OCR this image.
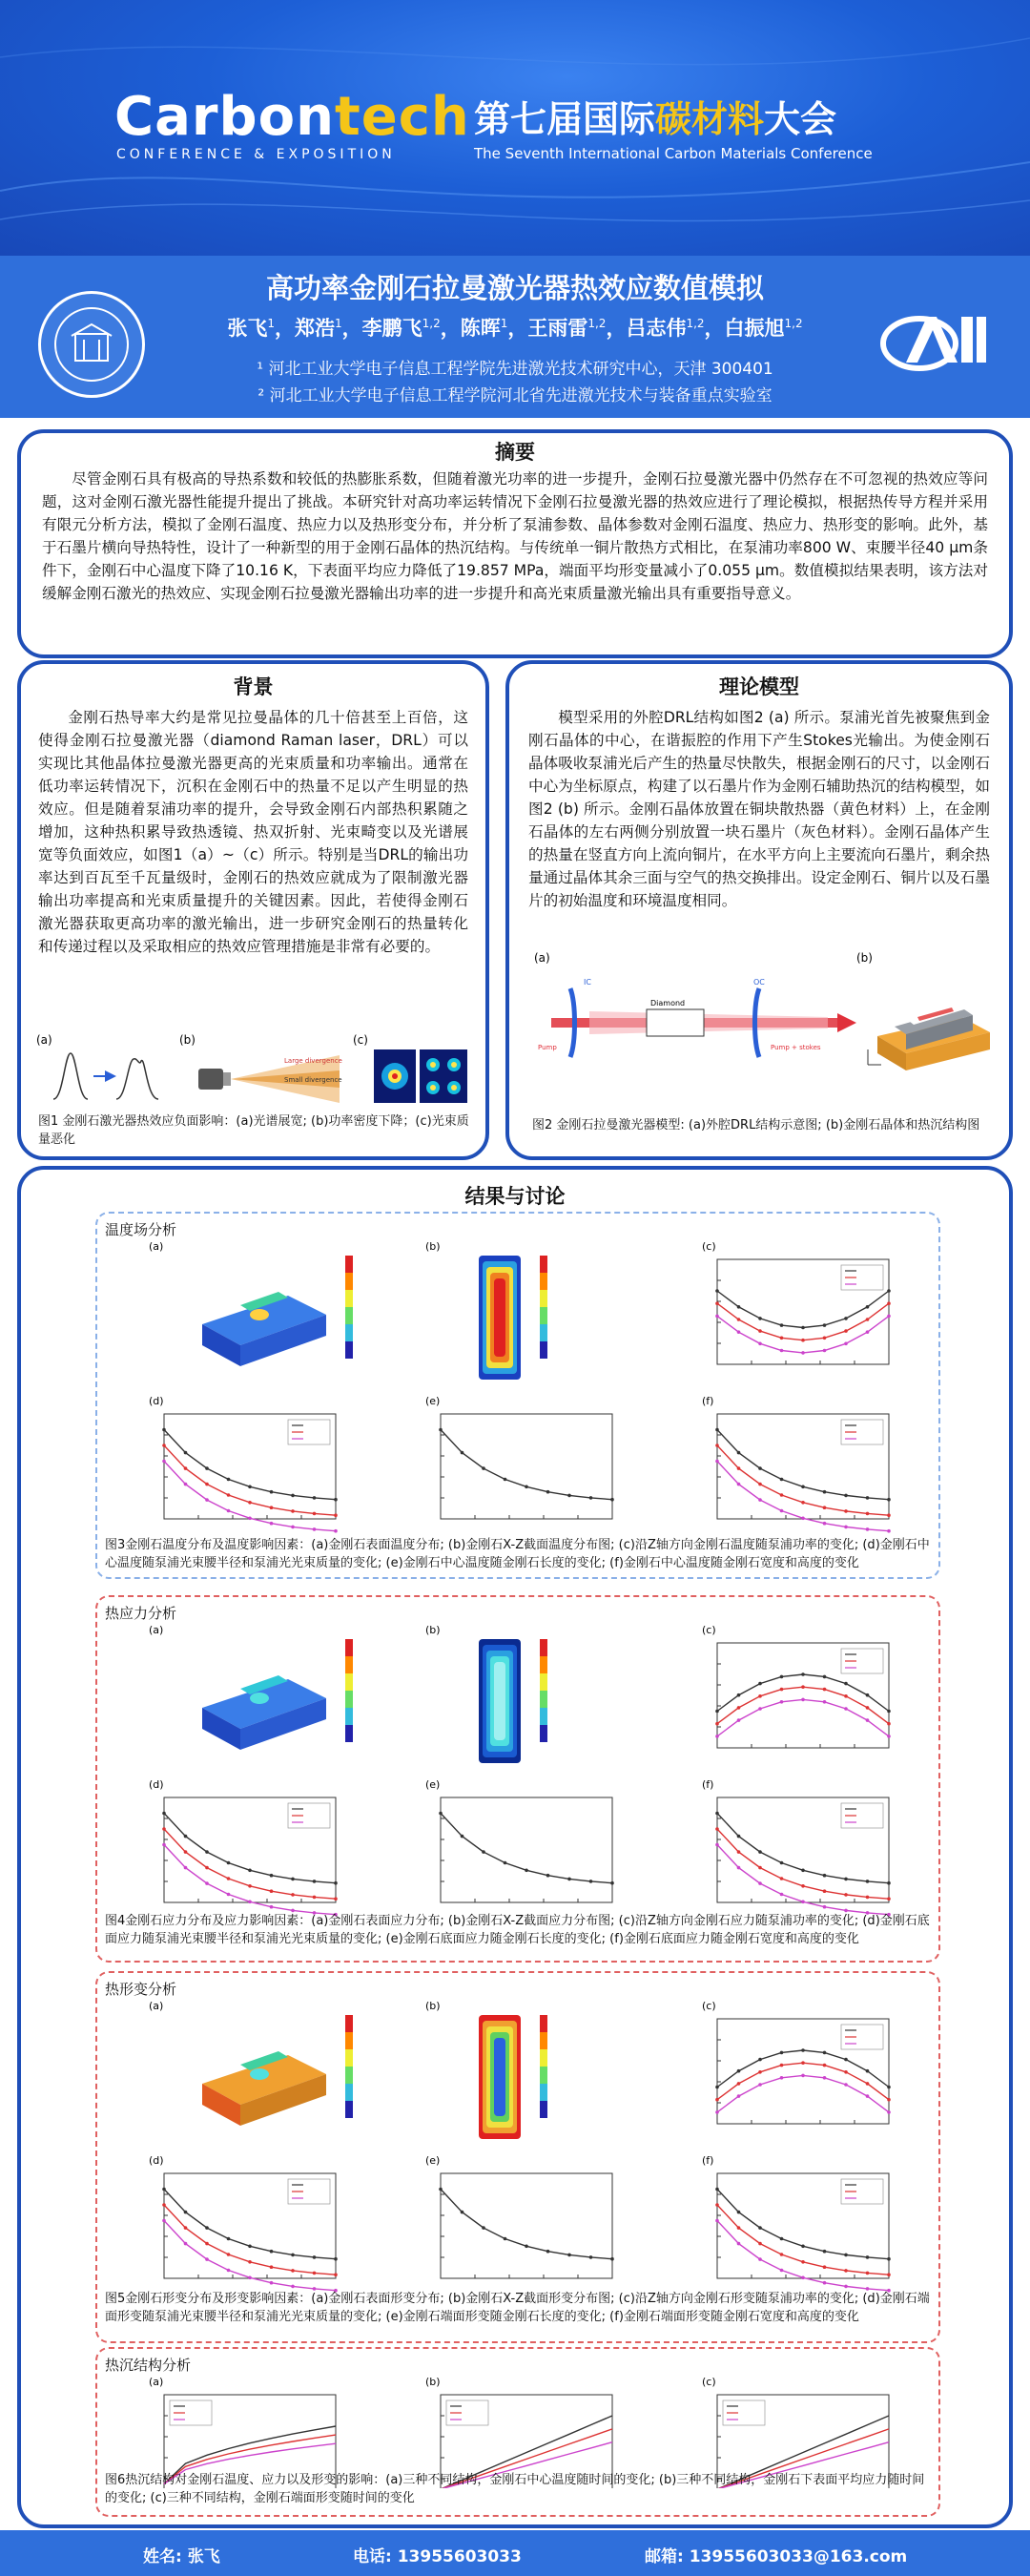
Carbontech
CONFERENCE & EXPOSITION
第七届国际碳材料大会
The Seventh International Carbon Materials Conference
高功率金刚石拉曼激光器热效应数值模拟
张飞$^1$，郑浩$^1$，李鹏飞$^{1,2}$，陈晖$^1$，王雨雷$^{1,2}$，吕志伟$^{1,2}$，白振旭$^{1,2}$
¹ 河北工业大学电子信息工程学院先进激光技术研究中心，天津 300401
² 河北工业大学电子信息工程学院河北省先进激光技术与装备重点实验室
摘要
尽管金刚石具有极高的导热系数和较低的热膨胀系数，但随着激光功率的进一步提升，金刚石拉曼激光器中仍然存在不可忽视的热效应等问题，这对金刚石激光器性能提升提出了挑战。本研究针对高功率运转情况下金刚石拉曼激光器的热效应进行了理论模拟，根据热传导方程并采用有限元分析方法，模拟了金刚石温度、热应力以及热形变分布，并分析了泵浦参数、晶体参数对金刚石温度、热应力、热形变的影响。此外，基于石墨片横向导热特性，设计了一种新型的用于金刚石晶体的热沉结构。与传统单一铜片散热方式相比，在泵浦功率800 W、束腰半径40 μm条件下，金刚石中心温度下降了10.16 K，下表面平均应力降低了19.857 MPa，端面平均形变量减小了0.055 μm。数值模拟结果表明，该方法对缓解金刚石激光的热效应、实现金刚石拉曼激光器输出功率的进一步提升和高光束质量激光输出具有重要指导意义。
背景
金刚石热导率大约是常见拉曼晶体的几十倍甚至上百倍，这使得金刚石拉曼激光器（diamond Raman laser，DRL）可以实现比其他晶体拉曼激光器更高的光束质量和功率输出。通常在低功率运转情况下，沉积在金刚石中的热量不足以产生明显的热效应。但是随着泵浦功率的提升，会导致金刚石内部热积累随之增加，这种热积累导致热透镜、热双折射、光束畸变以及光谱展宽等负面效应，如图1（a）~（c）所示。特别是当DRL的输出功率达到百瓦至千瓦量级时，金刚石的热效应就成为了限制激光器输出功率提高和光束质量提升的关键因素。因此，若使得金刚石激光器获取更高功率的激光输出，进一步研究金刚石的热量转化和传递过程以及采取相应的热效应管理措施是非常有必要的。
(a)	(b)
Large divergence
Small divergence
(c)
图1 金刚石激光器热效应负面影响：(a)光谱展宽; (b)功率密度下降；(c)光束质量恶化
理论模型
模型采用的外腔DRL结构如图2 (a) 所示。泵浦光首先被聚焦到金刚石晶体的中心，在谐振腔的作用下产生Stokes光输出。为使金刚石晶体吸收泵浦光后产生的热量尽快散失，根据金刚石的尺寸，以金刚石中心为坐标原点，构建了以石墨片作为金刚石辅助热沉的结构模型，如图2 (b) 所示。金刚石晶体放置在铜块散热器（黄色材料）上，在金刚石晶体的左右两侧分别放置一块石墨片（灰色材料）。金刚石晶体产生的热量在竖直方向上流向铜片，在水平方向上主要流向石墨片，剩余热量通过晶体其余三面与空气的热交换排出。设定金刚石、铜片以及石墨片的初始温度和环境温度相同。
(a)
IC	OC
Diamond
Pump	Pump + stokes
(b)
图2 金刚石拉曼激光器模型: (a)外腔DRL结构示意图; (b)金刚石晶体和热沉结构图
结果与讨论
温度场分析
(a)	(b)	(c)
(d)	(e)	(f)
图3金刚石温度分布及温度影响因素：(a)金刚石表面温度分布; (b)金刚石X-Z截面温度分布图; (c)沿Z轴方向金刚石温度随泵浦功率的变化; (d)金刚石中心温度随泵浦光束腰半径和泵浦光光束质量的变化; (e)金刚石中心温度随金刚石长度的变化; (f)金刚石中心温度随金刚石宽度和高度的变化
热应力分析
(a)	(b)	(c)
(d)	(e)	(f)
图4金刚石应力分布及应力影响因素：(a)金刚石表面应力分布; (b)金刚石X-Z截面应力分布图; (c)沿Z轴方向金刚石应力随泵浦功率的变化; (d)金刚石底面应力随泵浦光束腰半径和泵浦光光束质量的变化; (e)金刚石底面应力随金刚石长度的变化; (f)金刚石底面应力随金刚石宽度和高度的变化
热形变分析
(a)	(b)	(c)
(d)	(e)	(f)
图5金刚石形变分布及形变影响因素：(a)金刚石表面形变分布; (b)金刚石X-Z截面形变分布图; (c)沿Z轴方向金刚石形变随泵浦功率的变化; (d)金刚石端面形变随泵浦光束腰半径和泵浦光光束质量的变化; (e)金刚石端面形变随金刚石长度的变化; (f)金刚石端面形变随金刚石宽度和高度的变化
热沉结构分析
(a)	(b)	(c)
图6热沉结构对金刚石温度、应力以及形变的影响：(a)三种不同结构，金刚石中心温度随时间的变化; (b)三种不同结构，金刚石下表面平均应力随时间的变化; (c)三种不同结构，金刚石端面形变随时间的变化
姓名: 张飞	电话: 13955603033	邮箱: 13955603033@163.com
